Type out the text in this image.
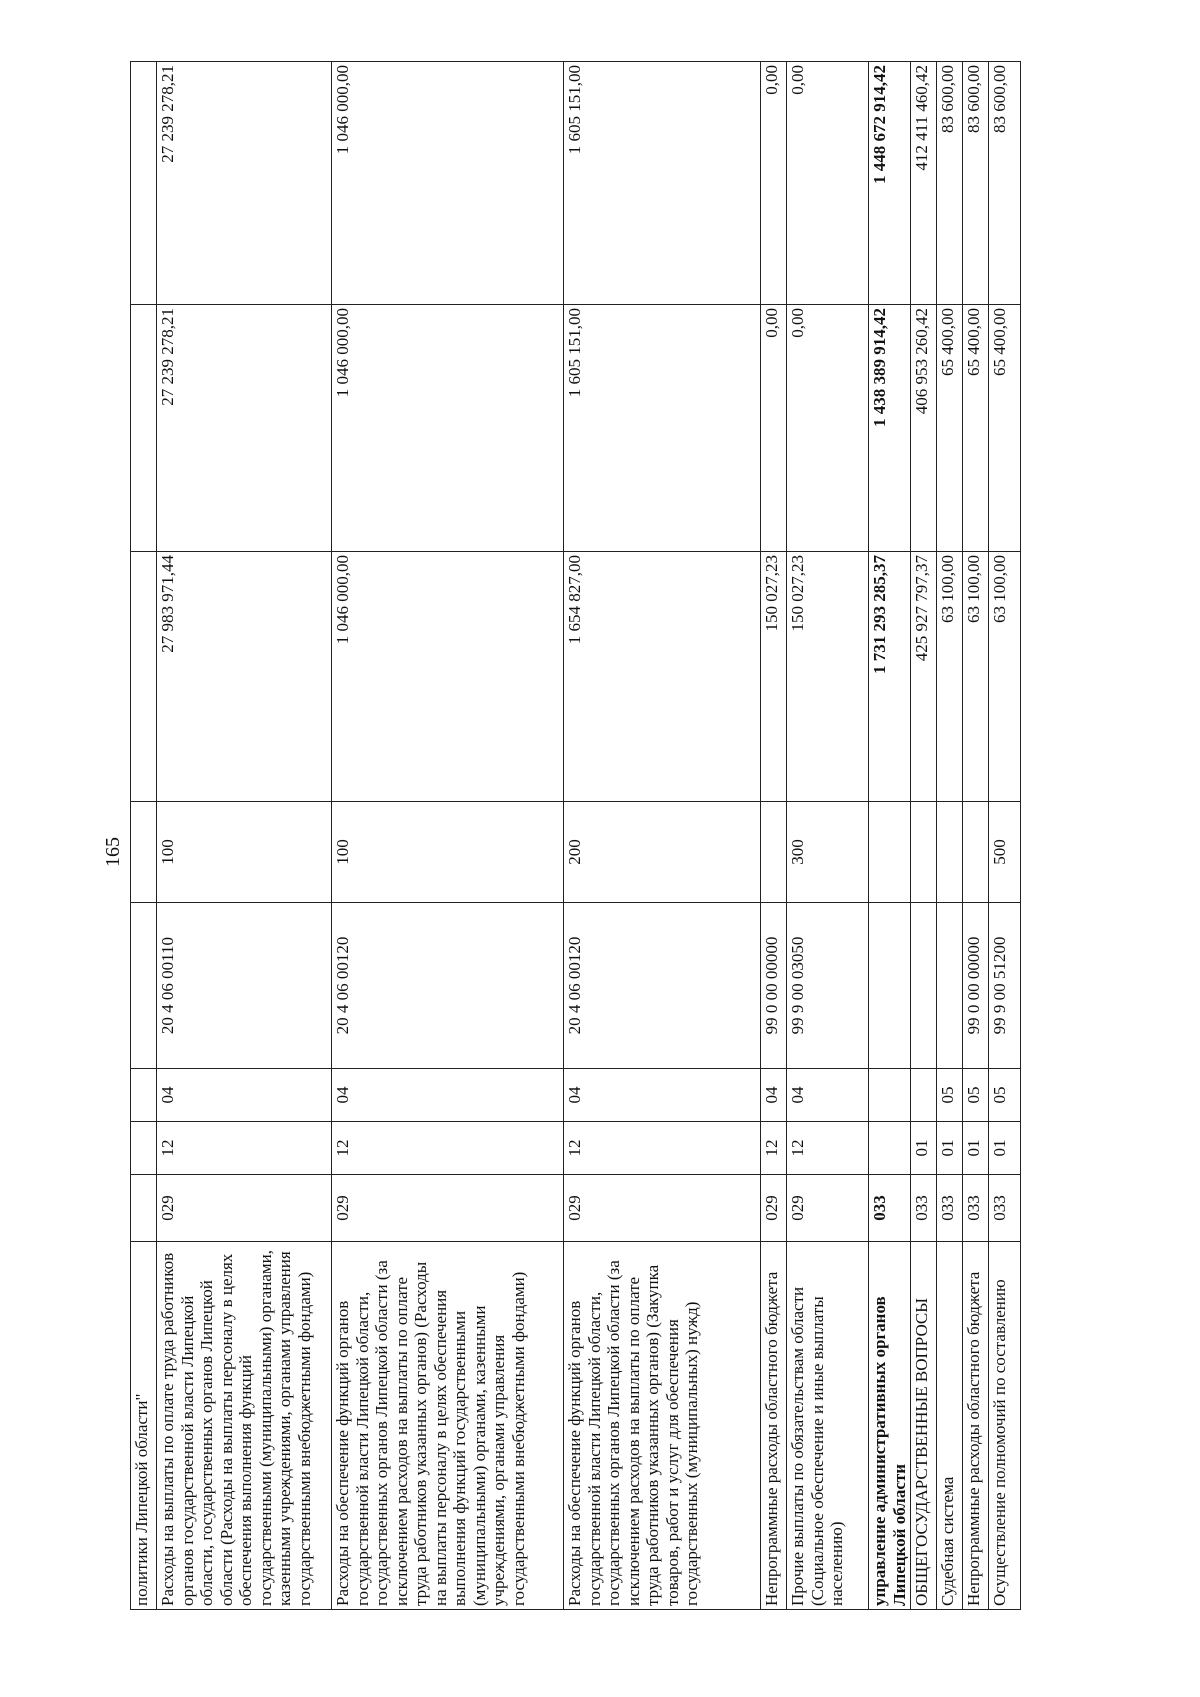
165
политики Липецкой области"								
Расходы на выплаты по оплате труда работников органов государственной власти Липецкой области, государственных органов Липецкой области (Расходы на выплаты персоналу в целях обеспечения выполнения функций государственными (муниципальными) органами, казенными учреждениями, органами управления государственными внебюджетными фондами)	029	12	04	20 4 06 00110	100	27 983 971,44	27 239 278,21	27 239 278,21
Расходы на обеспечение функций органов государственной власти Липецкой области, государственных органов Липецкой области (за исключением расходов на выплаты по оплате труда работников указанных органов) (Расходы на выплаты персоналу в целях обеспечения выполнения функций государственными (муниципальными) органами, казенными учреждениями, органами управления государственными внебюджетными фондами)	029	12	04	20 4 06 00120	100	1 046 000,00	1 046 000,00	1 046 000,00
Расходы на обеспечение функций органов государственной власти Липецкой области, государственных органов Липецкой области (за исключением расходов на выплаты по оплате труда работников указанных органов) (Закупка товаров, работ и услуг для обеспечения государственных (муниципальных) нужд)	029	12	04	20 4 06 00120	200	1 654 827,00	1 605 151,00	1 605 151,00
Непрограммные расходы областного бюджета	029	12	04	99 0 00 00000		150 027,23	0,00	0,00
Прочие выплаты по обязательствам области (Социальное обеспечение и иные выплаты населению)	029	12	04	99 9 00 03050	300	150 027,23	0,00	0,00
управление административных органов Липецкой области	033					1 731 293 285,37	1 438 389 914,42	1 448 672 914,42
ОБЩЕГОСУДАРСТВЕННЫЕ ВОПРОСЫ	033	01				425 927 797,37	406 953 260,42	412 411 460,42
Судебная система	033	01	05			63 100,00	65 400,00	83 600,00
Непрограммные расходы областного бюджета	033	01	05	99 0 00 00000		63 100,00	65 400,00	83 600,00
Осуществление полномочий по составлению	033	01	05	99 9 00 51200	500	63 100,00	65 400,00	83 600,00
